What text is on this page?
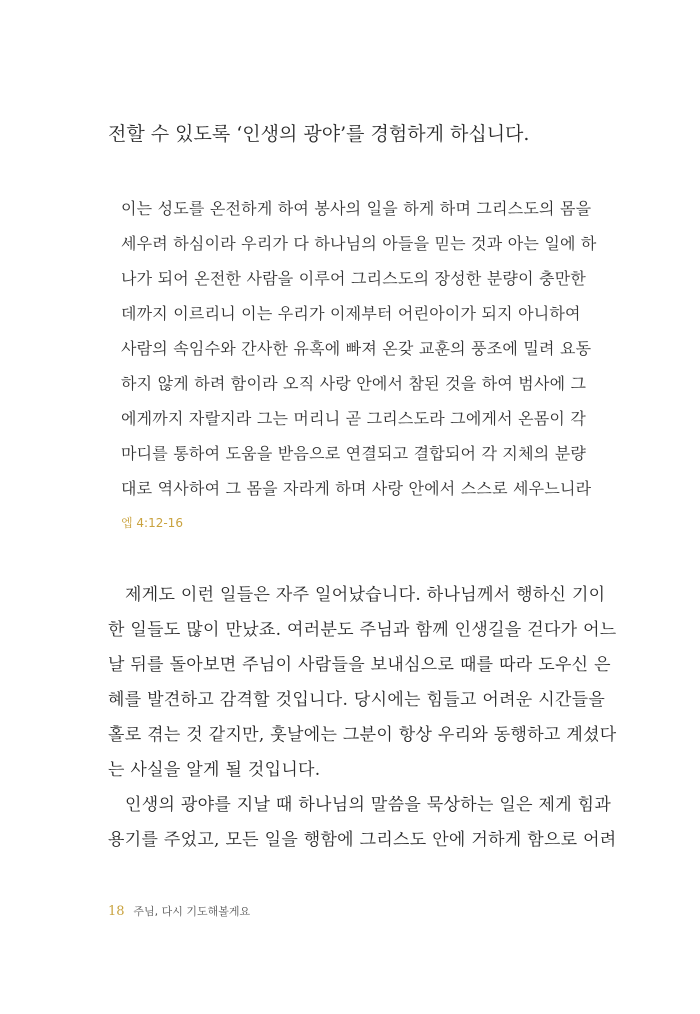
전할 수 있도록 ‘인생의 광야’를 경험하게 하십니다.

이는 성도를 온전하게 하여 봉사의 일을 하게 하며 그리스도의 몸을
세우려 하심이라 우리가 다 하나님의 아들을 믿는 것과 아는 일에 하
나가 되어 온전한 사람을 이루어 그리스도의 장성한 분량이 충만한
데까지 이르리니 이는 우리가 이제부터 어린아이가 되지 아니하여
사람의 속임수와 간사한 유혹에 빠져 온갖 교훈의 풍조에 밀려 요동
하지 않게 하려 함이라 오직 사랑 안에서 참된 것을 하여 범사에 그
에게까지 자랄지라 그는 머리니 곧 그리스도라 그에게서 온몸이 각
마디를 통하여 도움을 받음으로 연결되고 결합되어 각 지체의 분량
대로 역사하여 그 몸을 자라게 하며 사랑 안에서 스스로 세우느니라
엡 4:12-16
제게도 이런 일들은 자주 일어났습니다. 하나님께서 행하신 기이
한 일들도 많이 만났죠. 여러분도 주님과 함께 인생길을 걷다가 어느
날 뒤를 돌아보면 주님이 사람들을 보내심으로 때를 따라 도우신 은
혜를 발견하고 감격할 것입니다. 당시에는 힘들고 어려운 시간들을
홀로 겪는 것 같지만, 훗날에는 그분이 항상 우리와 동행하고 계셨다
는 사실을 알게 될 것입니다.
인생의 광야를 지날 때 하나님의 말씀을 묵상하는 일은 제게 힘과
용기를 주었고, 모든 일을 행함에 그리스도 안에 거하게 함으로 어려
18 주님, 다시 기도해볼게요
